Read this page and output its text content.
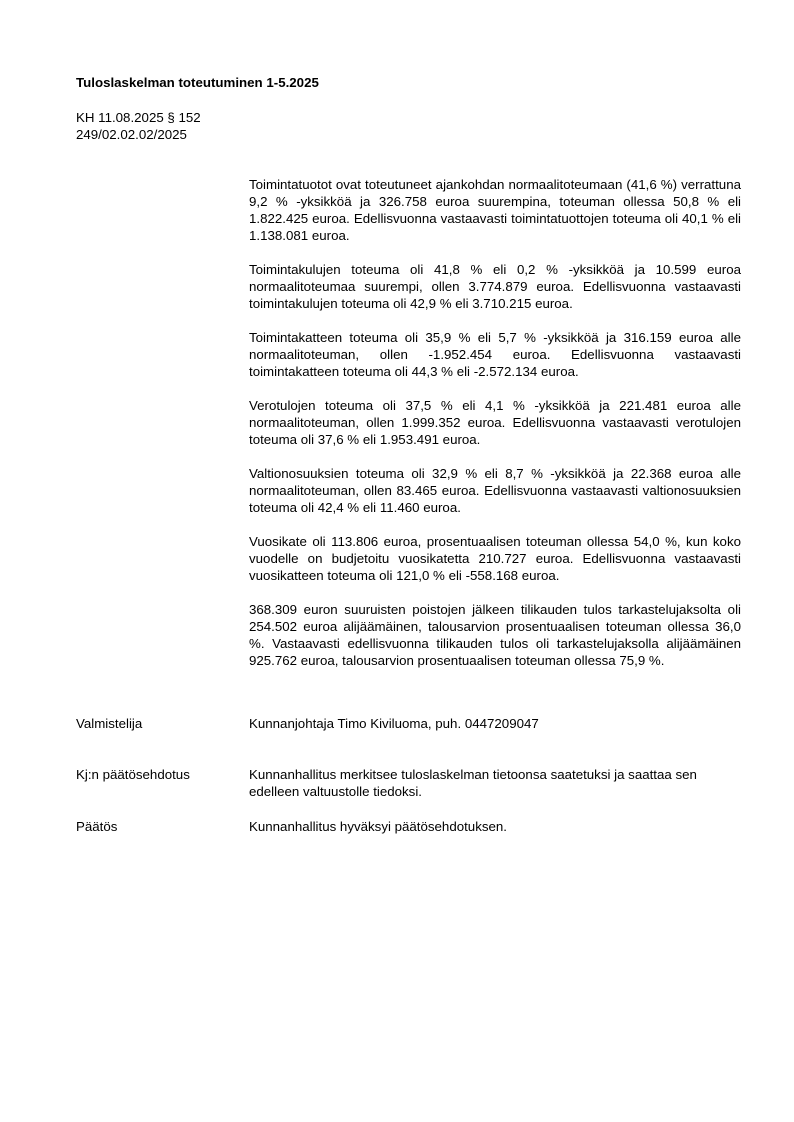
Tuloslaskelman toteutuminen 1-5.2025
KH 11.08.2025 § 152
249/02.02.02/2025

Toimintatuotot ovat toteutuneet ajankohdan normaalitoteumaan (41,6 %) verrattuna 9,2 % -yksikköä ja 326.758 euroa suurempina, toteuman ollessa 50,8 % eli 1.822.425 euroa. Edellisvuonna vastaavasti toimintatuottojen toteuma oli 40,1 % eli 1.138.081 euroa.

Toimintakulujen toteuma oli 41,8 % eli 0,2 % -yksikköä ja 10.599 euroa normaalitoteumaa suurempi, ollen 3.774.879 euroa. Edellisvuonna vastaavasti toimintakulujen toteuma oli 42,9 % eli 3.710.215 euroa.

Toimintakatteen toteuma oli 35,9 % eli 5,7 % -yksikköä ja 316.159 euroa alle normaalitoteuman, ollen -1.952.454 euroa. Edellisvuonna vastaavasti toimintakatteen toteuma oli 44,3 % eli -2.572.134 euroa.

Verotulojen toteuma oli 37,5 % eli 4,1 % -yksikköä ja 221.481 euroa alle normaalitoteuman, ollen 1.999.352 euroa. Edellisvuonna vastaavasti verotulojen toteuma oli 37,6 % eli 1.953.491 euroa.

Valtionosuuksien toteuma oli 32,9 % eli 8,7 % -yksikköä ja 22.368 euroa alle normaalitoteuman, ollen 83.465 euroa. Edellisvuonna vastaavasti valtionosuuksien toteuma oli 42,4 % eli 11.460 euroa.

Vuosikate oli 113.806 euroa, prosentuaalisen toteuman ollessa 54,0 %, kun koko vuodelle on budjetoitu vuosikatetta 210.727 euroa. Edellisvuonna vastaavasti vuosikatteen toteuma oli 121,0 % eli -558.168 euroa.

368.309 euron suuruisten poistojen jälkeen tilikauden tulos tarkastelujaksolta oli 254.502 euroa alijäämäinen, talousarvion prosentuaalisen toteuman ollessa 36,0 %. Vastaavasti edellisvuonna tilikauden tulos oli tarkastelujaksolla alijäämäinen 925.762 euroa, talousarvion prosentuaalisen toteuman ollessa 75,9 %.

Valmistelija	Kunnanjohtaja Timo Kiviluoma, puh. 0447209047
Kj:n päätösehdotus	Kunnanhallitus merkitsee tuloslaskelman tietoonsa saatetuksi ja saattaa sen edelleen valtuustolle tiedoksi.
Päätös	Kunnanhallitus hyväksyi päätösehdotuksen.
